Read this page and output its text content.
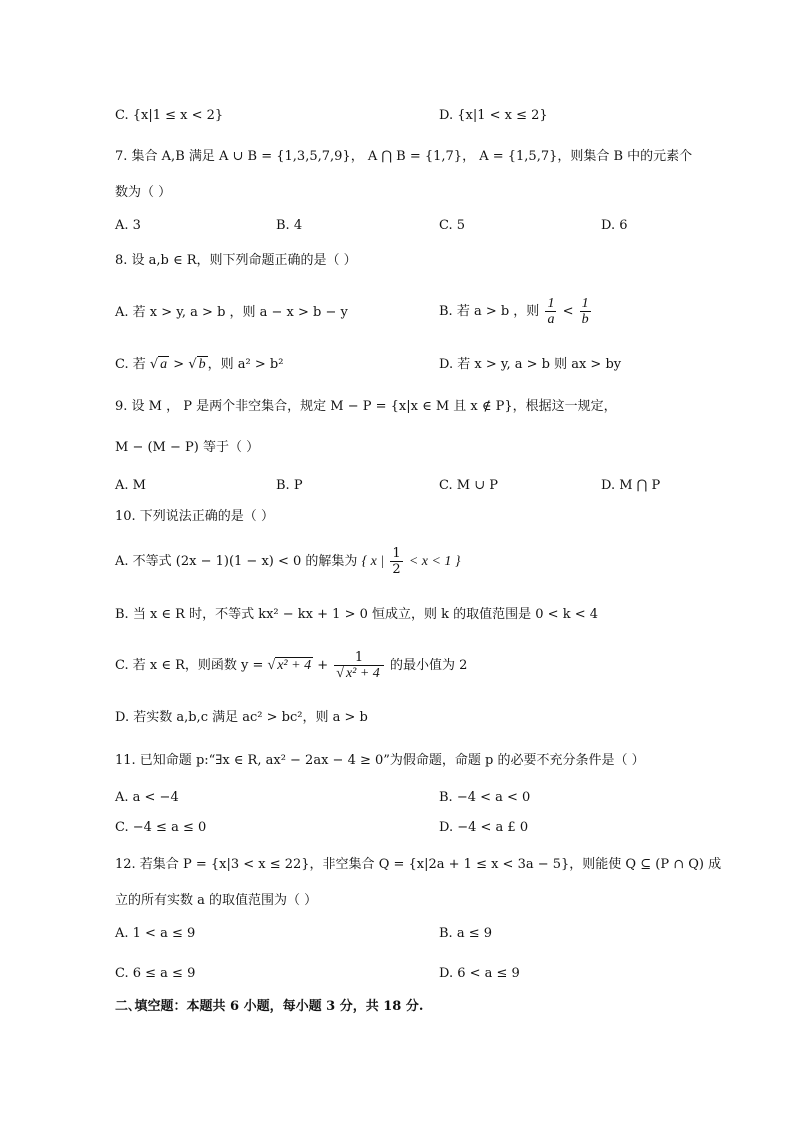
C. {x|1 ≤ x < 2}	D. {x|1 < x ≤ 2}
7. 集合 A,B 满足 A ∪ B = {1,3,5,7,9}， A ⋂ B = {1,7}， A = {1,5,7}，则集合 B 中的元素个
数为（ ）
A. 3	B. 4	C. 5	D. 6
8. 设 a,b ∈ R，则下列命题正确的是（ ）
A. 若 x > y, a > b ，则 a − x > b − y	B. 若 a > b ，则 $\frac{1}{a} < \frac{1}{b}$
C. 若 √ a > √ b ，则 a² > b²	D. 若 x > y, a > b 则 ax > by
9. 设 M ， P 是两个非空集合，规定 M − P = {x|x ∈ M 且 x ∉ P}，根据这一规定，
M − (M − P) 等于（ ）
A. M	B. P	C. M ∪ P	D. M ⋂ P
10. 下列说法正确的是（ ）
A. 不等式 (2x − 1)(1 − x) < 0 的解集为 { x | $\frac{1}{2} < x < 1$ }
B. 当 x ∈ R 时，不等式 kx² − kx + 1 > 0 恒成立，则 k 的取值范围是 0 < k < 4
C. 若 x ∈ R，则函数 y = √ $x^2 + 4 + \frac{1}{\text{√ x² + 4}}$ 的最小值为 2
D. 若实数 a,b,c 满足 ac² > bc²，则 a > b
11. 已知命题 p:“∃x ∈ R, ax² − 2ax − 4 ≥ 0”为假命题，命题 p 的必要不充分条件是（ ）
A. a < −4	B. −4 < a < 0
C. −4 ≤ a ≤ 0	D. −4 < a £ 0
12. 若集合 P = {x|3 < x ≤ 22}，非空集合 Q = {x|2a + 1 ≤ x < 3a − 5}，则能使 Q ⊆ (P ∩ Q) 成
立的所有实数 a 的取值范围为（ ）
A. 1 < a ≤ 9	B. a ≤ 9
C. 6 ≤ a ≤ 9	D. 6 < a ≤ 9
二､填空题：本题共 6 小题，每小题 3 分，共 18 分.
